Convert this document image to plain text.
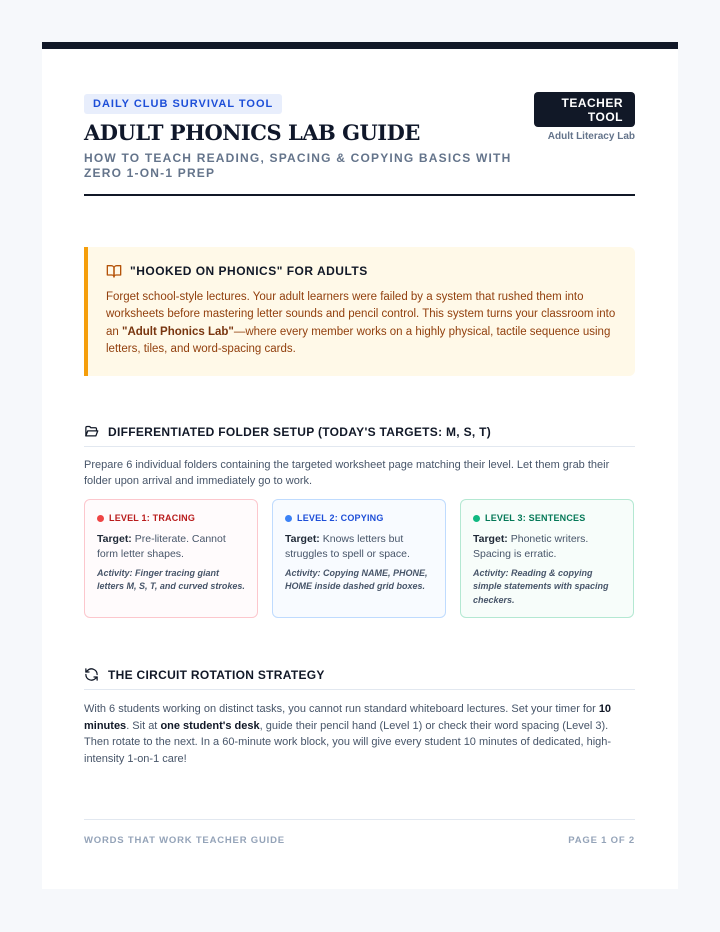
DAILY CLUB SURVIVAL TOOL
ADULT PHONICS LAB GUIDE
HOW TO TEACH READING, SPACING & COPYING BASICS WITH ZERO 1-ON-1 PREP
TEACHER
TOOL
Adult Literacy Lab
"HOOKED ON PHONICS" FOR ADULTS
Forget school-style lectures. Your adult learners were failed by a system that rushed them into worksheets before mastering letter sounds and pencil control. This system turns your classroom into an "Adult Phonics Lab"—where every member works on a highly physical, tactile sequence using letters, tiles, and word-spacing cards.
DIFFERENTIATED FOLDER SETUP (TODAY'S TARGETS: M, S, T)
Prepare 6 individual folders containing the targeted worksheet page matching their level. Let them grab their folder upon arrival and immediately go to work.
LEVEL 1: TRACING
Target: Pre-literate. Cannot form letter shapes.
Activity: Finger tracing giant letters M, S, T, and curved strokes.
LEVEL 2: COPYING
Target: Knows letters but struggles to spell or space.
Activity: Copying NAME, PHONE, HOME inside dashed grid boxes.
LEVEL 3: SENTENCES
Target: Phonetic writers. Spacing is erratic.
Activity: Reading & copying simple statements with spacing checkers.
THE CIRCUIT ROTATION STRATEGY
With 6 students working on distinct tasks, you cannot run standard whiteboard lectures. Set your timer for 10 minutes. Sit at one student's desk, guide their pencil hand (Level 1) or check their word spacing (Level 3). Then rotate to the next. In a 60-minute work block, you will give every student 10 minutes of dedicated, high-intensity 1-on-1 care!
WORDS THAT WORK TEACHER GUIDE	PAGE 1 OF 2
